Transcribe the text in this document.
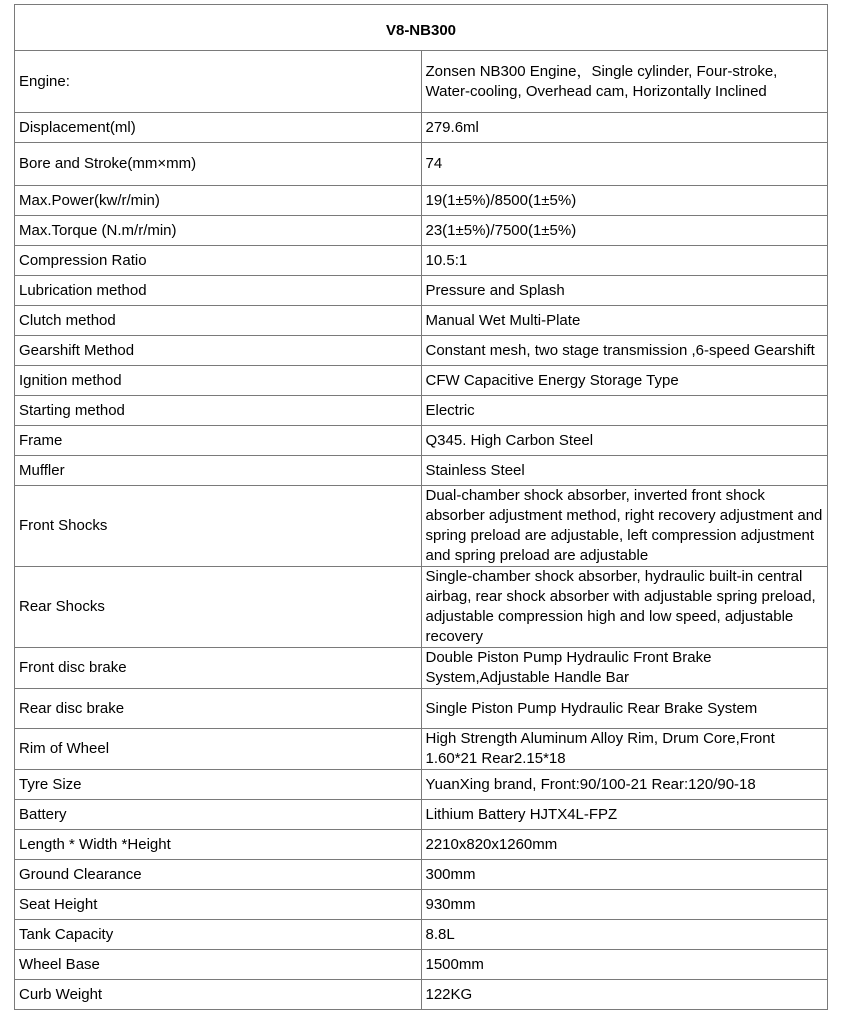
V8-NB300	
Engine:	Zonsen NB300 Engine，Single cylinder, Four-stroke, Water-cooling, Overhead cam, Horizontally Inclined
Displacement(ml)	279.6ml
Bore and Stroke(mm×mm)	74
Max.Power(kw/r/min)	19(1±5%)/8500(1±5%)
Max.Torque (N.m/r/min)	23(1±5%)/7500(1±5%)
Compression Ratio	10.5:1
Lubrication method	Pressure and Splash
Clutch method	Manual Wet Multi-Plate
Gearshift Method	Constant mesh, two stage transmission ,6-speed Gearshift
Ignition method	CFW Capacitive Energy Storage Type
Starting method	Electric
Frame	Q345. High Carbon Steel
Muffler	Stainless Steel
Front Shocks	Dual-chamber shock absorber, inverted front shock absorber adjustment method, right recovery adjustment and spring preload are adjustable, left compression adjustment and spring preload are adjustable
Rear Shocks	Single-chamber shock absorber, hydraulic built-in central airbag, rear shock absorber with adjustable spring preload, adjustable compression high and low speed, adjustable recovery
Front disc brake	Double Piston Pump Hydraulic Front Brake System,Adjustable Handle Bar
Rear disc brake	Single Piston Pump Hydraulic Rear Brake System
Rim of Wheel	High Strength Aluminum Alloy Rim, Drum Core,Front 1.60*21 Rear2.15*18
Tyre Size	YuanXing brand, Front:90/100-21 Rear:120/90-18
Battery	Lithium Battery HJTX4L-FPZ
Length * Width *Height	2210x820x1260mm
Ground Clearance	300mm
Seat Height	930mm
Tank Capacity	8.8L
Wheel Base	1500mm
Curb Weight	122KG
